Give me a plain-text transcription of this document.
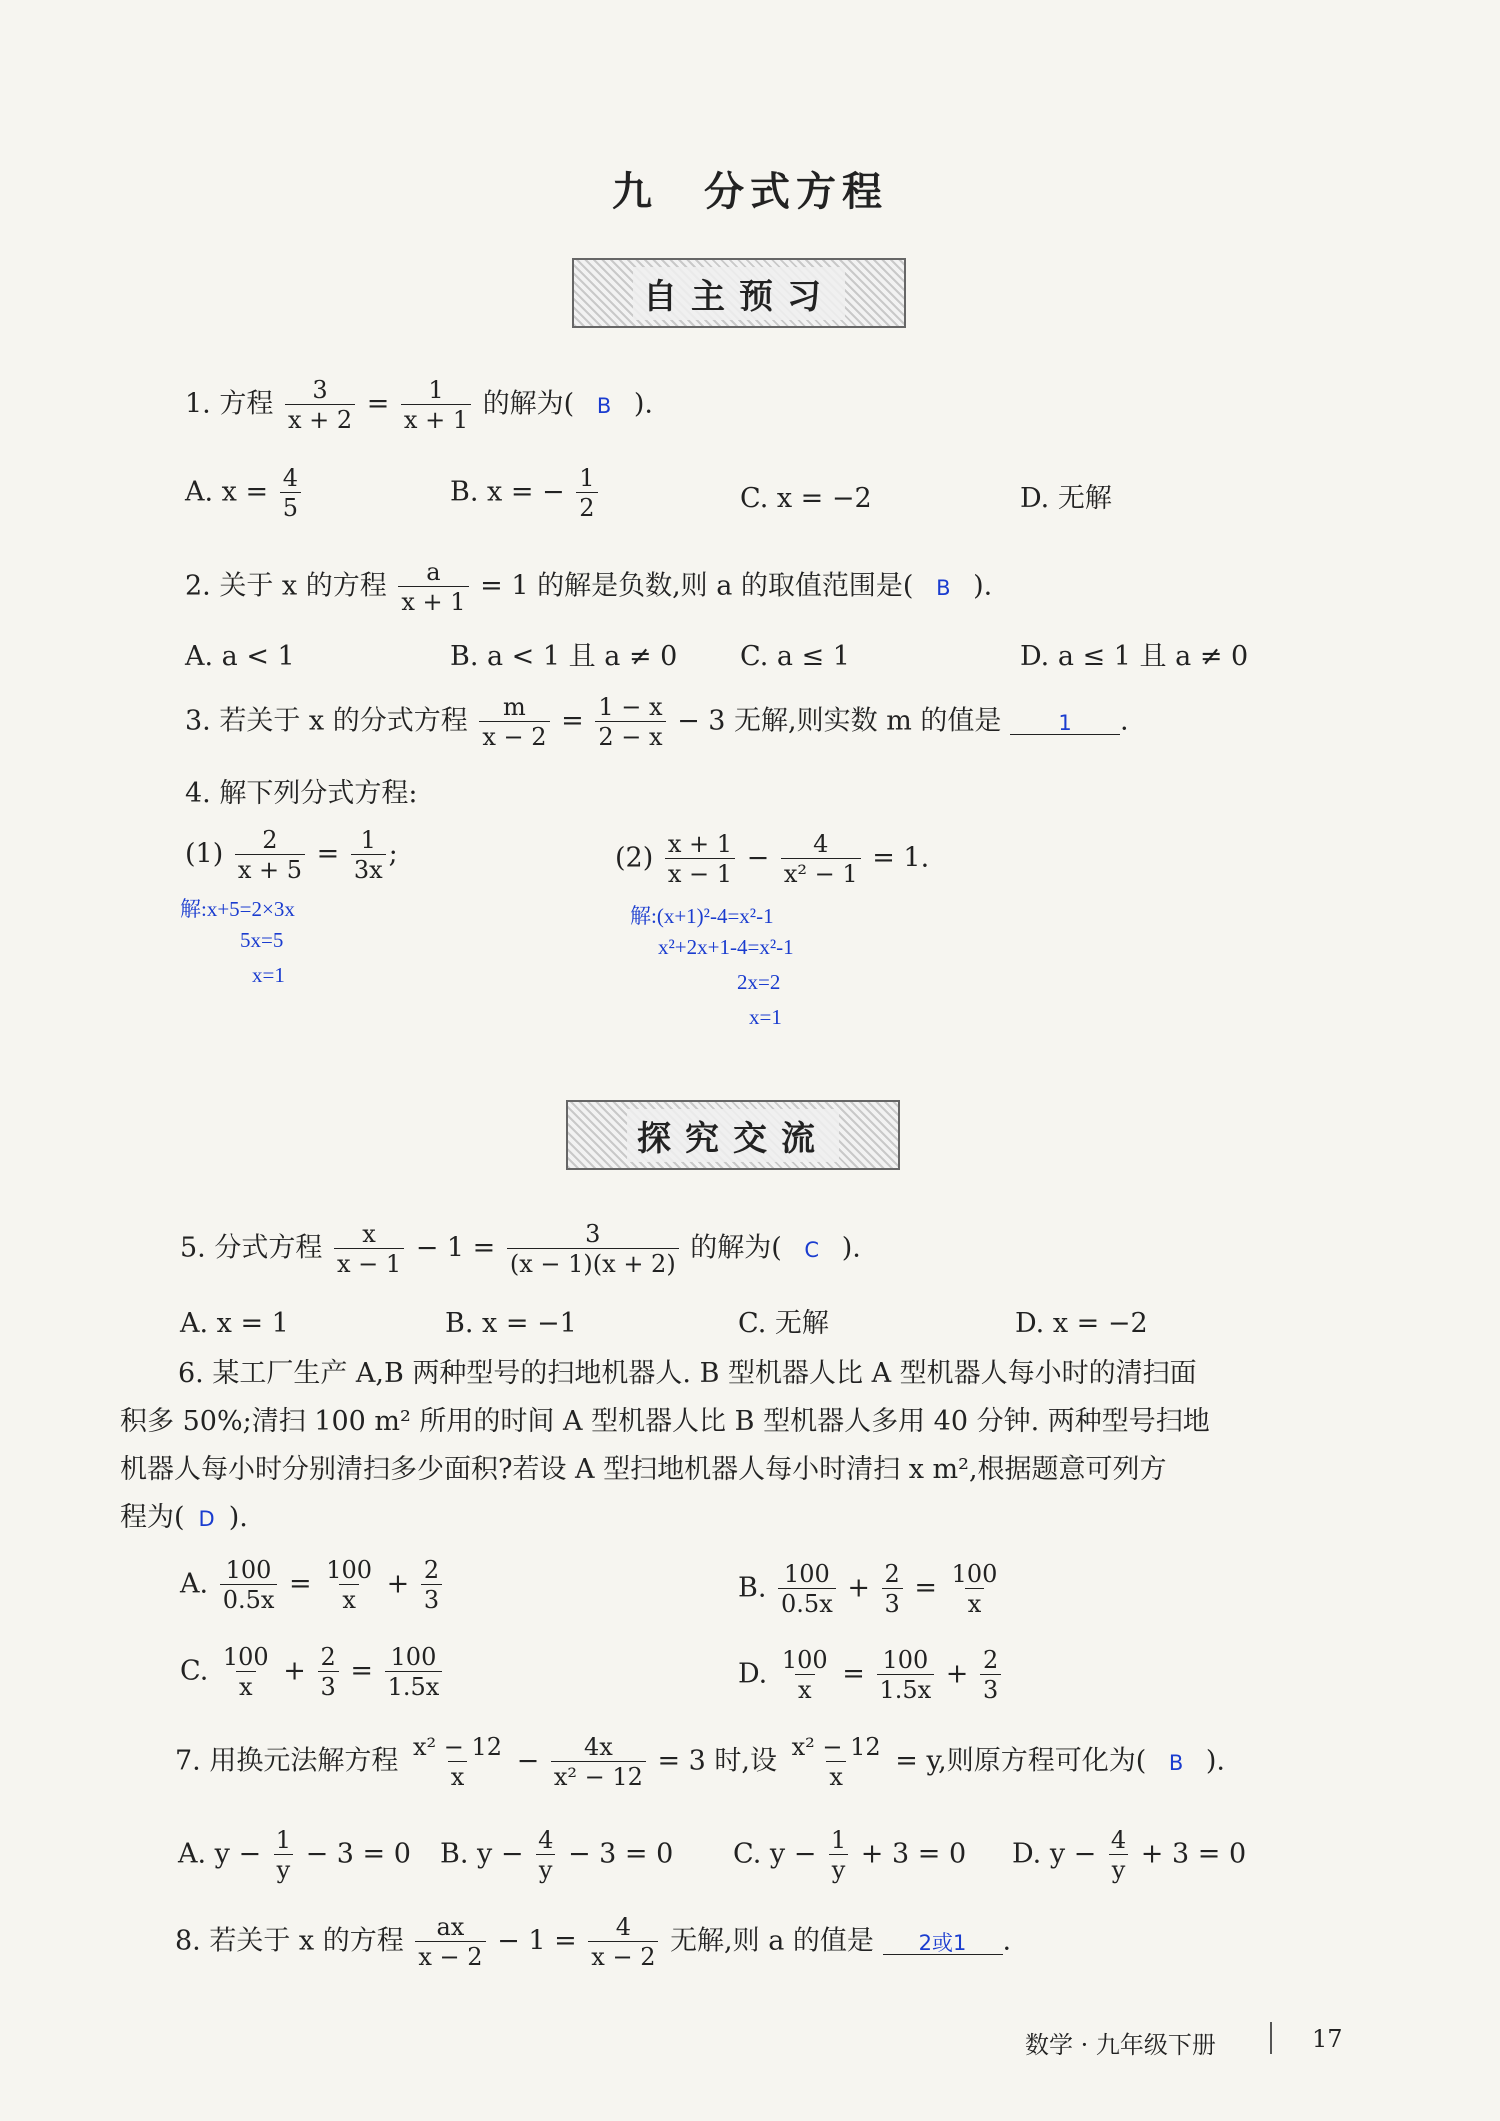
九　分式方程
自主预习
1. 方程 $\frac{3}{x + 2} = \frac{1}{x + 1}$ 的解为( B ).
A. $x = \frac{4}{5}$	B. x = − $\frac{1}{2}$	C. x = −2	D. 无解
2. 关于 x 的方程 $\frac{a}{x + 1} = 1$ 的解是负数,则 a 的取值范围是( B ).
A. a < 1	B. a < 1 且 a ≠ 0 C. a ≤ 1	D. a ≤ 1 且 a ≠ 0
3. 若关于 x 的分式方程 $\frac{m}{x - 2} = \frac{1 - x}{2 - x} - 3$ 无解,则实数 m 的值是	1 .
4. 解下列分式方程:
$(1) \frac{2}{x + 5} = \frac{1}{3x}$ ;	$(2) \frac{x + 1}{x - 1} - \frac{4}{\text{x² − 1}} = 1$.
解:x+5=2×3x
5x=5
x=1
解:(x+1)²-4=x²-1
x²+2x+1-4=x²-1
2x=2
x=1
探究交流
5. 分式方程 $\frac{x}{x - 1} - 1 = \frac{3}{(x - 1)(x + 2)}$ 的解为( C ).
A. x = 1	B. x = −1	C. 无解	D. x = −2
6. 某工厂生产 A,B 两种型号的扫地机器人. B 型机器人比 A 型机器人每小时的清扫面
积多 50%;清扫 100 m² 所用的时间 A 型机器人比 B 型机器人多用 40 分钟. 两种型号扫地
机器人每小时分别清扫多少面积?若设 A 型扫地机器人每小时清扫 x m²,根据题意可列方
程为( D ).
A. $\frac{100}{0.5x} = \frac{100}{x} + \frac{2}{3}$	B. $\frac{100}{0.5x} + \frac{2}{3} = \frac{100}{x}$
C. $\frac{100}{x} + \frac{2}{3} = \frac{100}{1.5x}$	D. $\frac{100}{x} = \frac{100}{1.5x} + \frac{2}{3}$
7. 用换元法解方程 $\frac{\text{x² − 12}}{x} - \frac{4x}{\text{x² − 12}} = 3$ 时,设 $\frac{\text{x² − 12}}{x} = y$,则原方程可化为( B ).
A. $y - \frac{1}{y} - 3 = 0$ B. $y - \frac{4}{y} - 3 = 0$ C. $y - \frac{1}{y} + 3 = 0$ D. $y - \frac{4}{y} + 3 = 0$
8. 若关于 x 的方程 $\frac{ax}{x - 2} - 1 = \frac{4}{x - 2}$ 无解,则 a 的值是 2或1 .
数学 · 九年级下册	17
